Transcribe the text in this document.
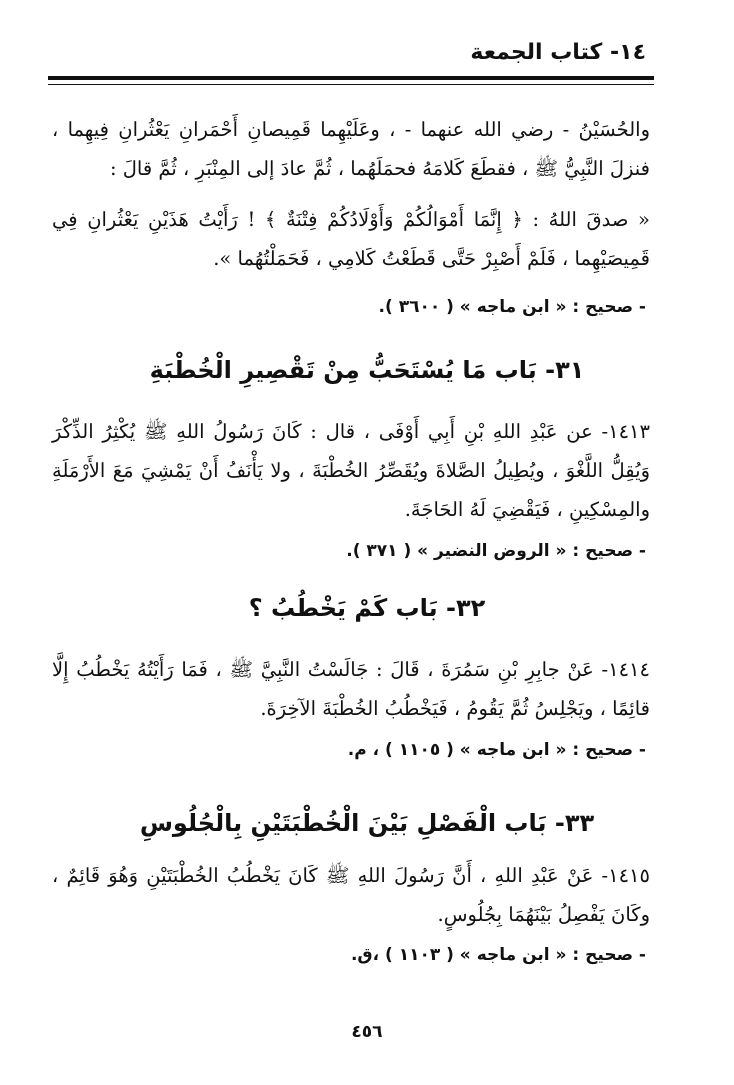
١٤- كتاب الجمعة
والحُسَيْنُ - رضي الله عنهما - ، وعَلَيْهِما قَمِيصانِ أَحْمَرانِ يَعْثُرانِ فِيهِما ، فنزلَ النَّبِيُّ ﷺ ، فقطَعَ كَلامَهُ فحمَلَهُما ، ثُمَّ عادَ إلى المِنْبَرِ ، ثُمَّ قالَ :
« صدقَ اللهُ : ﴿ إِنَّمَا أَمْوَالُكُمْ وَأَوْلَادُكُمْ فِتْنَةٌ ﴾ ! رَأَيْتُ هَذَيْنِ يَعْثُرانِ فِي قَمِيصَيْهِما ، فَلَمْ أَصْبِرْ حَتَّى قَطَعْتُ كَلامِي ، فَحَمَلْتُهُما ».
- صحيح : « ابن ماجه » ( ٣٦٠٠ ).
٣١- بَاب مَا يُسْتَحَبُّ مِنْ تَقْصِيرِ الْخُطْبَةِ
١٤١٣- عن عَبْدِ اللهِ بْنِ أَبِي أَوْفَى ، قال : كَانَ رَسُولُ اللهِ ﷺ يُكْثِرُ الذِّكْرَ وَيُقِلُّ اللَّغْوَ ، ويُطِيلُ الصَّلاةَ ويُقَصِّرُ الخُطْبَةَ ، ولا يَأْنَفُ أَنْ يَمْشِيَ مَعَ الأَرْمَلَةِ والمِسْكِينِ ، فَيَقْضِيَ لَهُ الحَاجَةَ.
- صحيح : « الروض النضير » ( ٣٧١ ).
٣٢- بَاب كَمْ يَخْطُبُ ؟
١٤١٤- عَنْ جابِرِ بْنِ سَمُرَةَ ، قَالَ : جَالَسْتُ النَّبِيَّ ﷺ ، فَمَا رَأَيْتُهُ يَخْطُبُ إِلَّا قائِمًا ، ويَجْلِسُ ثُمَّ يَقُومُ ، فَيَخْطُبُ الخُطْبَةَ الآخِرَةَ.
- صحيح : « ابن ماجه » ( ١١٠٥ ) ، م.
٣٣- بَاب الْفَصْلِ بَيْنَ الْخُطْبَتَيْنِ بِالْجُلُوسِ
١٤١٥- عَنْ عَبْدِ اللهِ ، أَنَّ رَسُولَ اللهِ ﷺ كَانَ يَخْطُبُ الخُطْبَتَيْنِ وَهُوَ قَائِمٌ ، وكَانَ يَفْصِلُ بَيْنَهُمَا بِجُلُوسٍ.
- صحيح : « ابن ماجه » ( ١١٠٣ ) ،ق.
٤٥٦
